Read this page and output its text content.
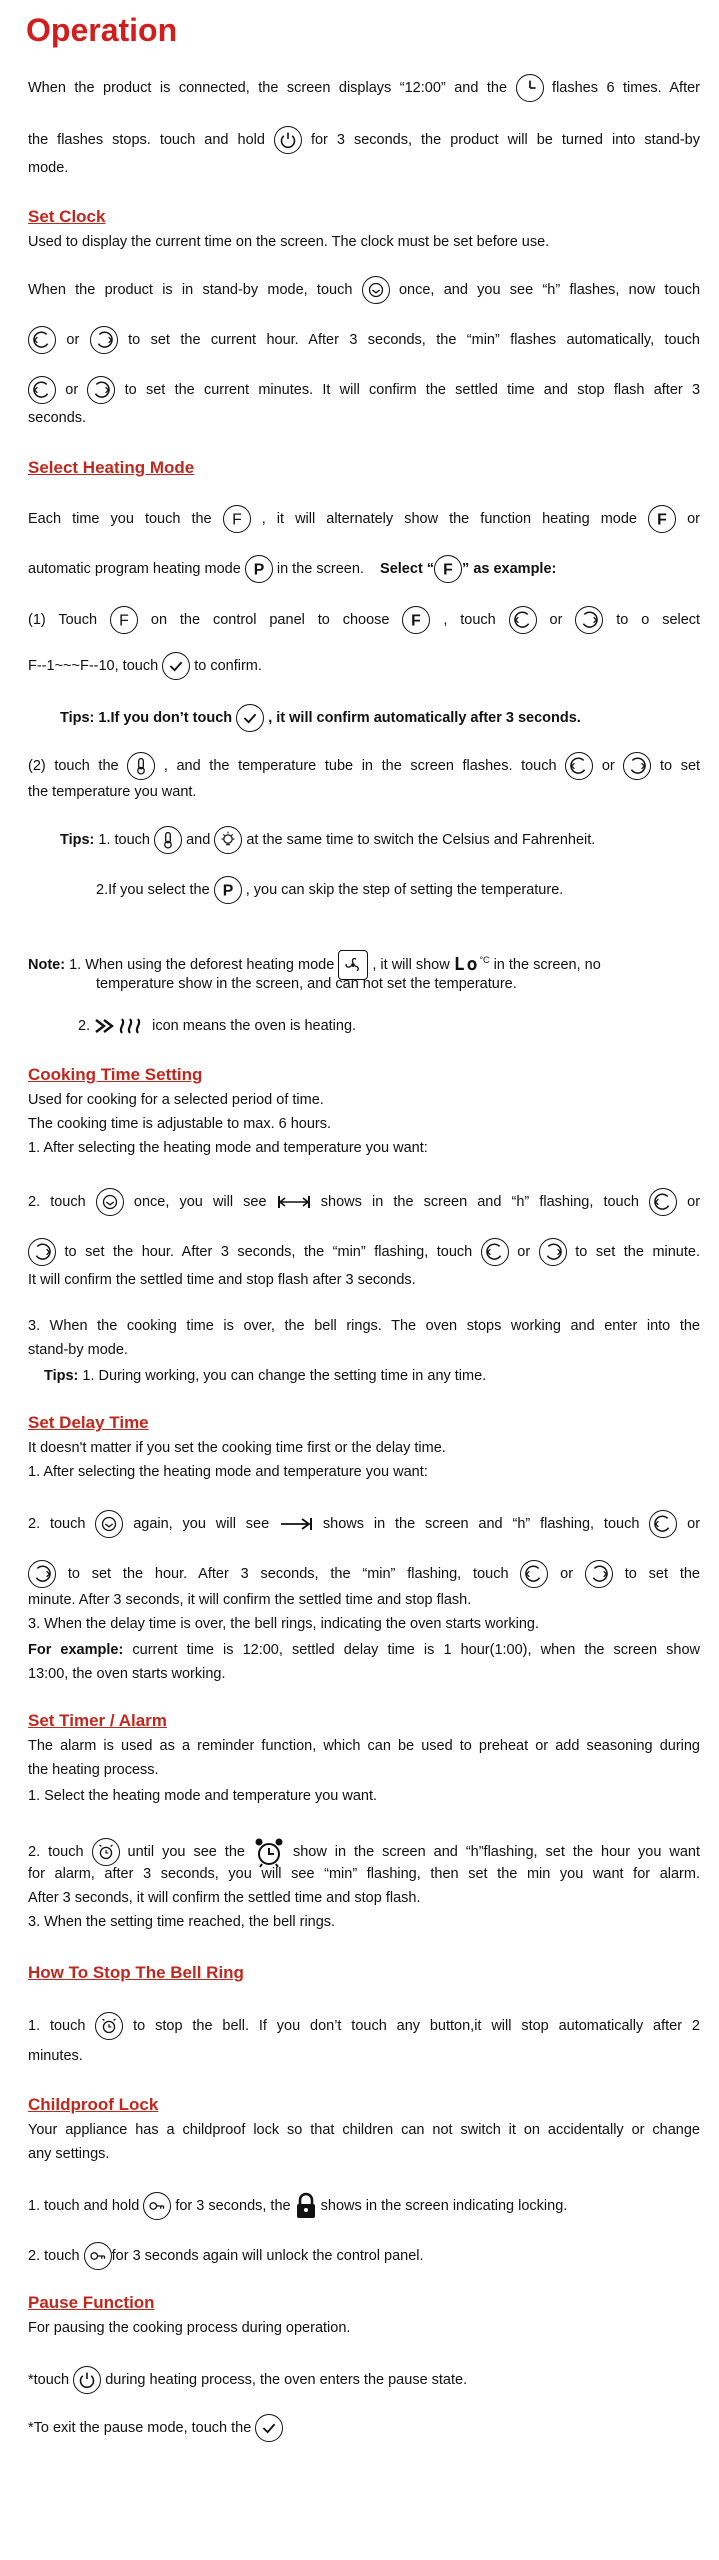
Operation
When the product is connected, the screen displays “12:00” and the	flashes 6 times. After
the flashes stops. touch and hold	for 3 seconds, the product will be turned into stand-by
mode.
Set Clock
Used to display the current time on the screen. The clock must be set before use.
When the product is in stand-by mode, touch	once, and you see “h” flashes, now touch
or	to set the current hour. After 3 seconds, the “min” flashes automatically, touch
or	to set the current minutes. It will confirm the settled time and stop flash after 3
seconds.
Select Heating Mode
Each time you touch the F , it will alternately show the function heating mode F or
automatic program heating mode P in the screen. Select “ F ” as example:
(1) Touch F on the control panel to choose F , touch	or	to o select
F--1~~~F--10, touch to confirm.
Tips: 1.If you don’t touch , it will confirm automatically after 3 seconds.
(2) touch the	, and the temperature tube in the screen flashes. touch	or	to set
the temperature you want.
Tips: 1. touch and at the same time to switch the Celsius and Fahrenheit.
2.If you select the P , you can skip the step of setting the temperature.
Note: 1. When using the deforest heating mode	, it will show Lo°C in the screen, no
temperature show in the screen, and can not set the temperature.
2.	icon means the oven is heating.
Cooking Time Setting
Used for cooking for a selected period of time.
The cooking time is adjustable to max. 6 hours.
1. After selecting the heating mode and temperature you want:
2. touch	once, you will see	shows in the screen and “h” flashing, touch	or
to set the hour. After 3 seconds, the “min” flashing, touch	or	to set the minute.
It will confirm the settled time and stop flash after 3 seconds.
3. When the cooking time is over, the bell rings. The oven stops working and enter into the
stand-by mode.
Tips: 1. During working, you can change the setting time in any time.
Set Delay Time
It doesn't matter if you set the cooking time first or the delay time.
1. After selecting the heating mode and temperature you want:
2. touch	again, you will see	shows in the screen and “h” flashing, touch	or
to set the hour. After 3 seconds, the “min” flashing, touch	or	to set the
minute. After 3 seconds, it will confirm the settled time and stop flash.
3. When the delay time is over, the bell rings, indicating the oven starts working.
For example: current time is 12:00, settled delay time is 1 hour(1:00), when the screen show
13:00, the oven starts working.
Set Timer / Alarm
The alarm is used as a reminder function, which can be used to preheat or add seasoning during
the heating process.
1. Select the heating mode and temperature you want.
2. touch	until you see the	show in the screen and “h”flashing, set the hour you want
for alarm, after 3 seconds, you will see “min” flashing, then set the min you want for alarm.
After 3 seconds, it will confirm the settled time and stop flash.
3. When the setting time reached, the bell rings.
How To Stop The Bell Ring
1. touch	to stop the bell. If you don’t touch any button,it will stop automatically after 2
minutes.
Childproof Lock
Your appliance has a childproof lock so that children can not switch it on accidentally or change
any settings.
1. touch and hold for 3 seconds, the shows in the screen indicating locking.
2. touch for 3 seconds again will unlock the control panel.
Pause Function
For pausing the cooking process during operation.
*touch during heating process, the oven enters the pause state.
*To exit the pause mode, touch the
